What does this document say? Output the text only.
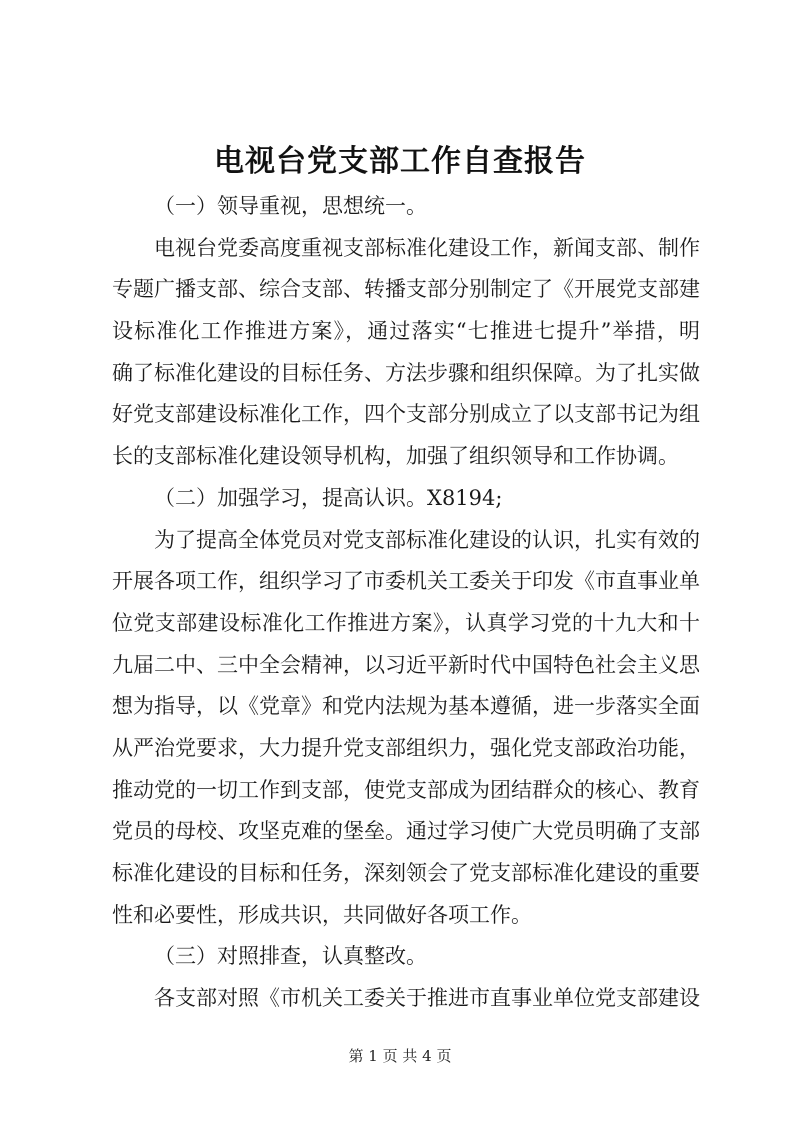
电视台党支部工作自查报告
（一）领导重视，思想统一。
电视台党委高度重视支部标准化建设工作，新闻支部、制作
专题广播支部、综合支部、转播支部分别制定了《开展党支部建
设标准化工作推进方案》，通过落实“七推进七提升”举措，明
确了标准化建设的目标任务、方法步骤和组织保障。为了扎实做
好党支部建设标准化工作，四个支部分别成立了以支部书记为组
长的支部标准化建设领导机构，加强了组织领导和工作协调。
（二）加强学习，提高认识。X8194;
为了提高全体党员对党支部标准化建设的认识，扎实有效的
开展各项工作，组织学习了市委机关工委关于印发《市直事业单
位党支部建设标准化工作推进方案》，认真学习党的十九大和十
九届二中、三中全会精神，以习近平新时代中国特色社会主义思
想为指导，以《党章》和党内法规为基本遵循，进一步落实全面
从严治党要求，大力提升党支部组织力，强化党支部政治功能，
推动党的一切工作到支部，使党支部成为团结群众的核心、教育
党员的母校、攻坚克难的堡垒。通过学习使广大党员明确了支部
标准化建设的目标和任务，深刻领会了党支部标准化建设的重要
性和必要性，形成共识，共同做好各项工作。
（三）对照排查，认真整改。
各支部对照《市机关工委关于推进市直事业单位党支部建设
第 1 页 共 4 页
